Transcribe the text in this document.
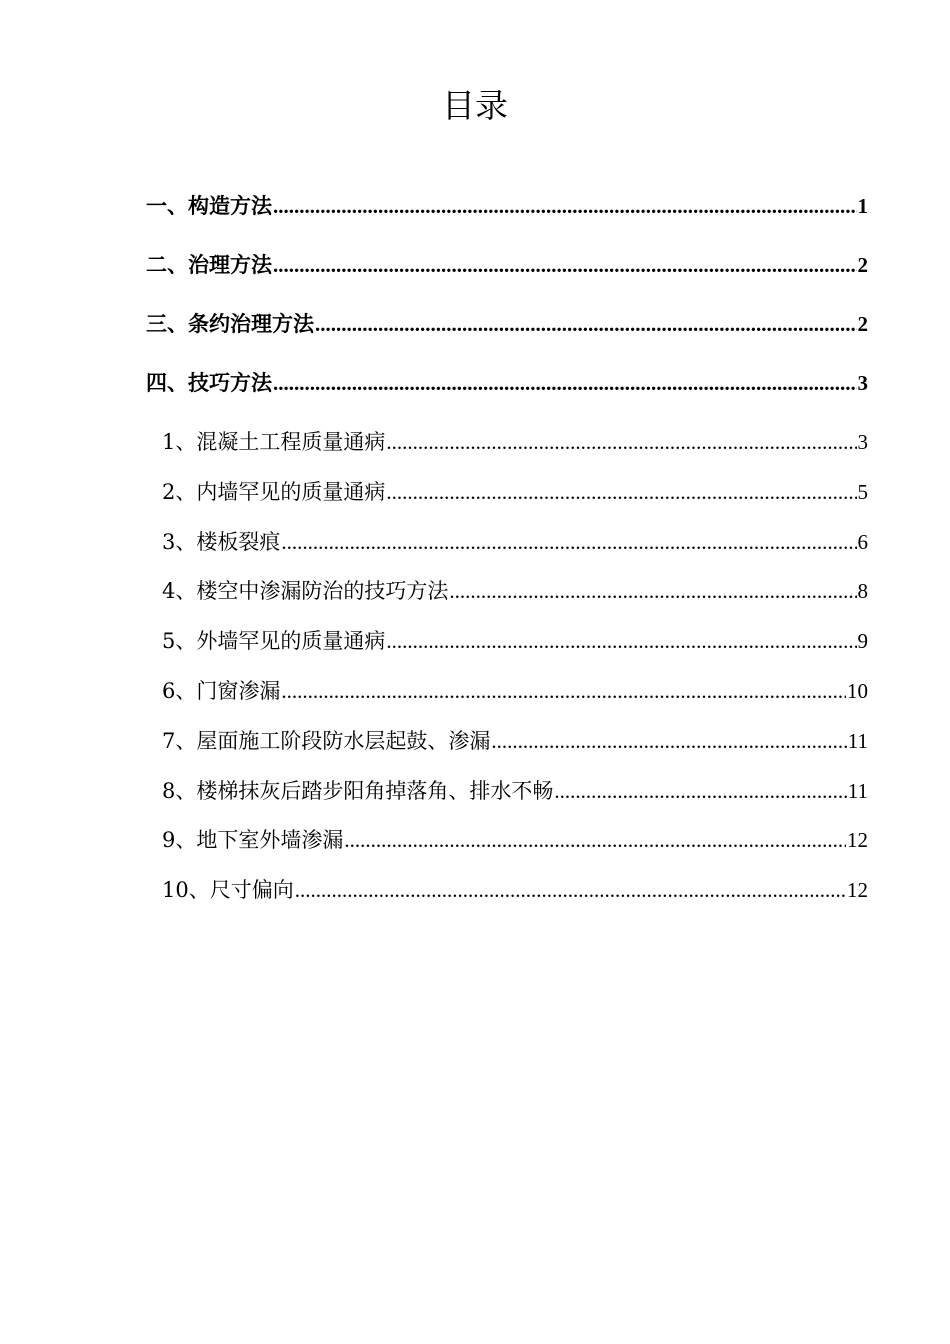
目录
一、构造方法 .....	1
二、治理方法 .....	2
三、条约治理方法 .....	2
四、技巧方法 .....	3
1、混凝土工程质量通病 .....	3
2、内墙罕见的质量通病 .....	5
3、楼板裂痕 .....	6
4、楼空中渗漏防治的技巧方法 .....	8
5、外墙罕见的质量通病 .....	9
6、门窗渗漏 .....	10
7、屋面施工阶段防水层起鼓、渗漏 .....	11
8、楼梯抹灰后踏步阳角掉落角、排水不畅 .....	11
9、地下室外墙渗漏 .....	12
10、尺寸偏向 .....	12
